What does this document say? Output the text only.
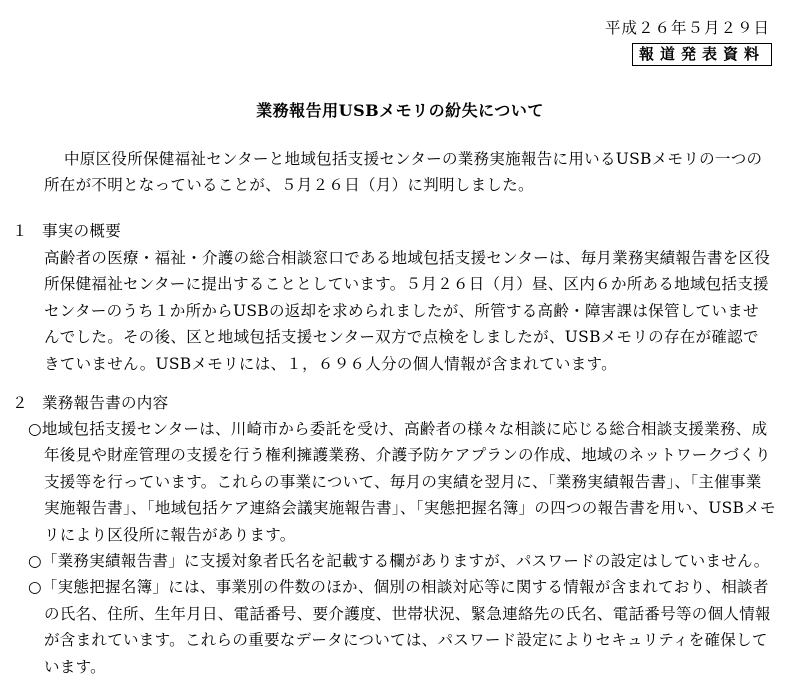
平成２６年５月２９日
報道発表資料
業務報告用USBメモリの紛失について
中原区役所保健福祉センターと地域包括支援センターの業務実施報告に用いるUSBメモリの一つの所在が不明となっていることが、５月２６日（月）に判明しました。
１ 事実の概要
高齢者の医療・福祉・介護の総合相談窓口である地域包括支援センターは、毎月業務実績報告書を区役所保健福祉センターに提出することとしています。５月２６日（月）昼、区内６か所ある地域包括支援センターのうち１か所からUSBの返却を求められましたが、所管する高齢・障害課は保管していませんでした。その後、区と地域包括支援センター双方で点検をしましたが、USBメモリの存在が確認できていません。USBメモリには、１，６９６人分の個人情報が含まれています。
２ 業務報告書の内容
○地域包括支援センターは、川崎市から委託を受け、高齢者の様々な相談に応じる総合相談支援業務、成年後見や財産管理の支援を行う権利擁護業務、介護予防ケアプランの作成、地域のネットワークづくり支援等を行っています。これらの事業について、毎月の実績を翌月に、「業務実績報告書」、「主催事業実施報告書」、「地域包括ケア連絡会議実施報告書」、「実態把握名簿」の四つの報告書を用い、USBメモリにより区役所に報告があります。
○「業務実績報告書」に支援対象者氏名を記載する欄がありますが、パスワードの設定はしていません。
○「実態把握名簿」には、事業別の件数のほか、個別の相談対応等に関する情報が含まれており、相談者の氏名、住所、生年月日、電話番号、要介護度、世帯状況、緊急連絡先の氏名、電話番号等の個人情報が含まれています。これらの重要なデータについては、パスワード設定によりセキュリティを確保しています。
